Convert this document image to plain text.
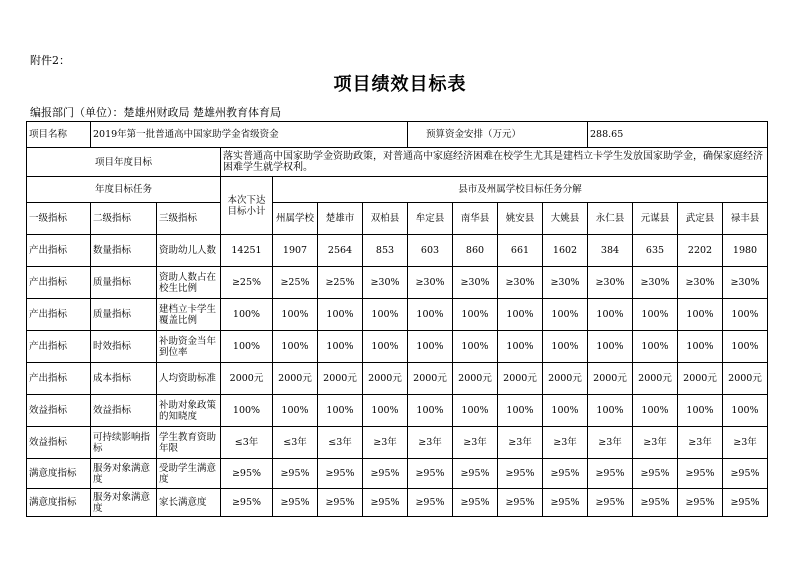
附件2：
项目绩效目标表
编报部门（单位）：楚雄州财政局 楚雄州教育体育局
项目名称	2019年第一批普通高中国家助学金省级资金						预算资金安排（万元）				288.65			
项目年度目标			落实普通高中国家助学金资助政策，对普通高中家庭经济困难在校学生尤其是建档立卡学生发放国家助学金，确保家庭经济困难学生就学权利。											
年度目标任务			本次下达目标小计	县市及州属学校目标任务分解										
一级指标	二级指标	三级指标		州属学校	楚雄市	双柏县	牟定县	南华县	姚安县	大姚县	永仁县	元谋县	武定县	禄丰县
产出指标	数量指标	资助幼儿人数	14251	1907	2564	853	603	860	661	1602	384	635	2202	1980
产出指标	质量指标	资助人数占在校生比例	≥25%	≥25%	≥25%	≥30%	≥30%	≥30%	≥30%	≥30%	≥30%	≥30%	≥30%	≥30%
产出指标	质量指标	建档立卡学生覆盖比例	100%	100%	100%	100%	100%	100%	100%	100%	100%	100%	100%	100%
产出指标	时效指标	补助资金当年到位率	100%	100%	100%	100%	100%	100%	100%	100%	100%	100%	100%	100%
产出指标	成本指标	人均资助标准	2000元	2000元	2000元	2000元	2000元	2000元	2000元	2000元	2000元	2000元	2000元	2000元
效益指标	效益指标	补助对象政策的知晓度	100%	100%	100%	100%	100%	100%	100%	100%	100%	100%	100%	100%
效益指标	可持续影响指标	学生教育资助年限	≤3年	≤3年	≤3年	≥3年	≥3年	≥3年	≥3年	≥3年	≥3年	≥3年	≥3年	≥3年
满意度指标	服务对象满意度	受助学生满意度	≥95%	≥95%	≥95%	≥95%	≥95%	≥95%	≥95%	≥95%	≥95%	≥95%	≥95%	≥95%
满意度指标	服务对象满意度	家长满意度	≥95%	≥95%	≥95%	≥95%	≥95%	≥95%	≥95%	≥95%	≥95%	≥95%	≥95%	≥95%
